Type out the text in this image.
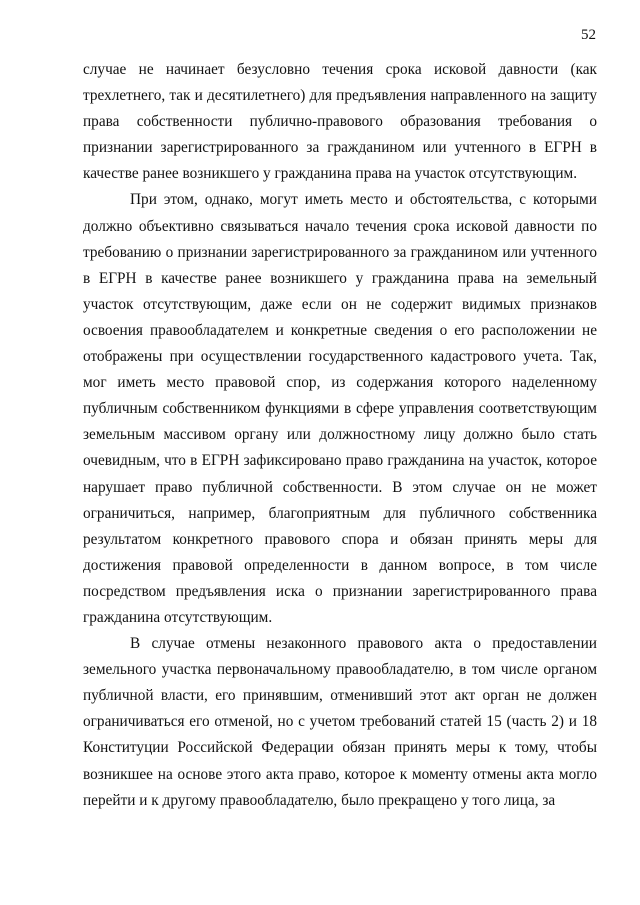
52

случае не начинает безусловно течения срока исковой давности (как трехлетнего, так и десятилетнего) для предъявления направленного на защиту права собственности публично-правового образования требования о признании зарегистрированного за гражданином или учтенного в ЕГРН в качестве ранее возникшего у гражданина права на участок отсутствующим.

При этом, однако, могут иметь место и обстоятельства, с которыми должно объективно связываться начало течения срока исковой давности по требованию о признании зарегистрированного за гражданином или учтенного в ЕГРН в качестве ранее возникшего у гражданина права на земельный участок отсутствующим, даже если он не содержит видимых признаков освоения правообладателем и конкретные сведения о его расположении не отображены при осуществлении государственного кадастрового учета. Так, мог иметь место правовой спор, из содержания которого наделенному публичным собственником функциями в сфере управления соответствующим земельным массивом органу или должностному лицу должно было стать очевидным, что в ЕГРН зафиксировано право гражданина на участок, которое нарушает право публичной собственности. В этом случае он не может ограничиться, например, благоприятным для публичного собственника результатом конкретного правового спора и обязан принять меры для достижения правовой определенности в данном вопросе, в том числе посредством предъявления иска о признании зарегистрированного права гражданина отсутствующим.

В случае отмены незаконного правового акта о предоставлении земельного участка первоначальному правообладателю, в том числе органом публичной власти, его принявшим, отменивший этот акт орган не должен ограничиваться его отменой, но с учетом требований статей 15 (часть 2) и 18 Конституции Российской Федерации обязан принять меры к тому, чтобы возникшее на основе этого акта право, которое к моменту отмены акта могло перейти и к другому правообладателю, было прекращено у того лица, за
